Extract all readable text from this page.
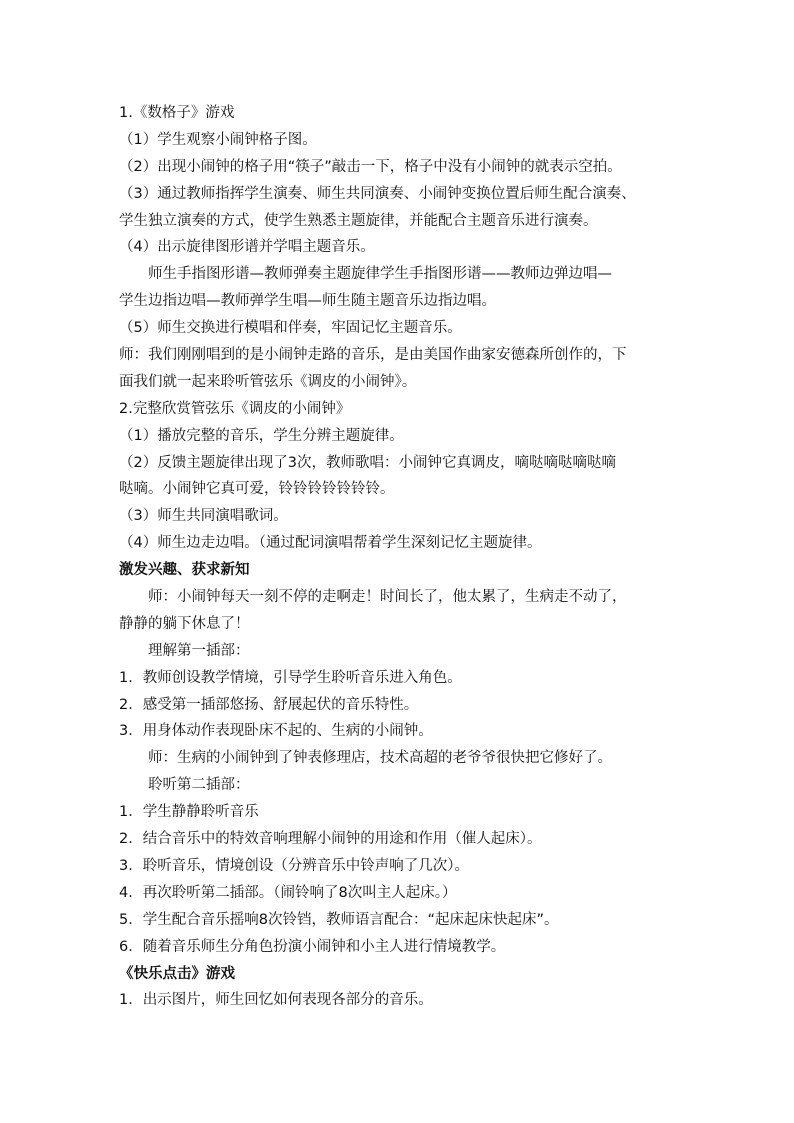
1.《数格子》游戏
（1）学生观察小闹钟格子图。
（2）出现小闹钟的格子用“筷子”敲击一下，格子中没有小闹钟的就表示空拍。
（3）通过教师指挥学生演奏、师生共同演奏、小闹钟变换位置后师生配合演奏、
学生独立演奏的方式，使学生熟悉主题旋律，并能配合主题音乐进行演奏。
（4）出示旋律图形谱并学唱主题音乐。
师生手指图形谱—教师弹奏主题旋律学生手指图形谱——教师边弹边唱—
学生边指边唱—教师弹学生唱—师生随主题音乐边指边唱。
（5）师生交换进行模唱和伴奏，牢固记忆主题音乐。
师：我们刚刚唱到的是小闹钟走路的音乐，是由美国作曲家安德森所创作的，下
面我们就一起来聆听管弦乐《调皮的小闹钟》。
2.完整欣赏管弦乐《调皮的小闹钟》
（1）播放完整的音乐，学生分辨主题旋律。
（2）反馈主题旋律出现了3次，教师歌唱：小闹钟它真调皮，嘀哒嘀哒嘀哒嘀
哒嘀。小闹钟它真可爱，铃铃铃铃铃铃铃。
（3）师生共同演唱歌词。
（4）师生边走边唱。（通过配词演唱帮着学生深刻记忆主题旋律。
激发兴趣、获求新知
师：小闹钟每天一刻不停的走啊走！时间长了，他太累了，生病走不动了，
静静的躺下休息了！
理解第一插部：
1．教师创设教学情境，引导学生聆听音乐进入角色。
2．感受第一插部悠扬、舒展起伏的音乐特性。
3．用身体动作表现卧床不起的、生病的小闹钟。
师：生病的小闹钟到了钟表修理店，技术高超的老爷爷很快把它修好了。
聆听第二插部：
1．学生静静聆听音乐
2．结合音乐中的特效音响理解小闹钟的用途和作用（催人起床）。
3．聆听音乐，情境创设（分辨音乐中铃声响了几次）。
4．再次聆听第二插部。（闹铃响了8次叫主人起床。）
5．学生配合音乐摇响8次铃铛，教师语言配合：“起床起床快起床”。
6．随着音乐师生分角色扮演小闹钟和小主人进行情境教学。
《快乐点击》游戏
1．出示图片，师生回忆如何表现各部分的音乐。
